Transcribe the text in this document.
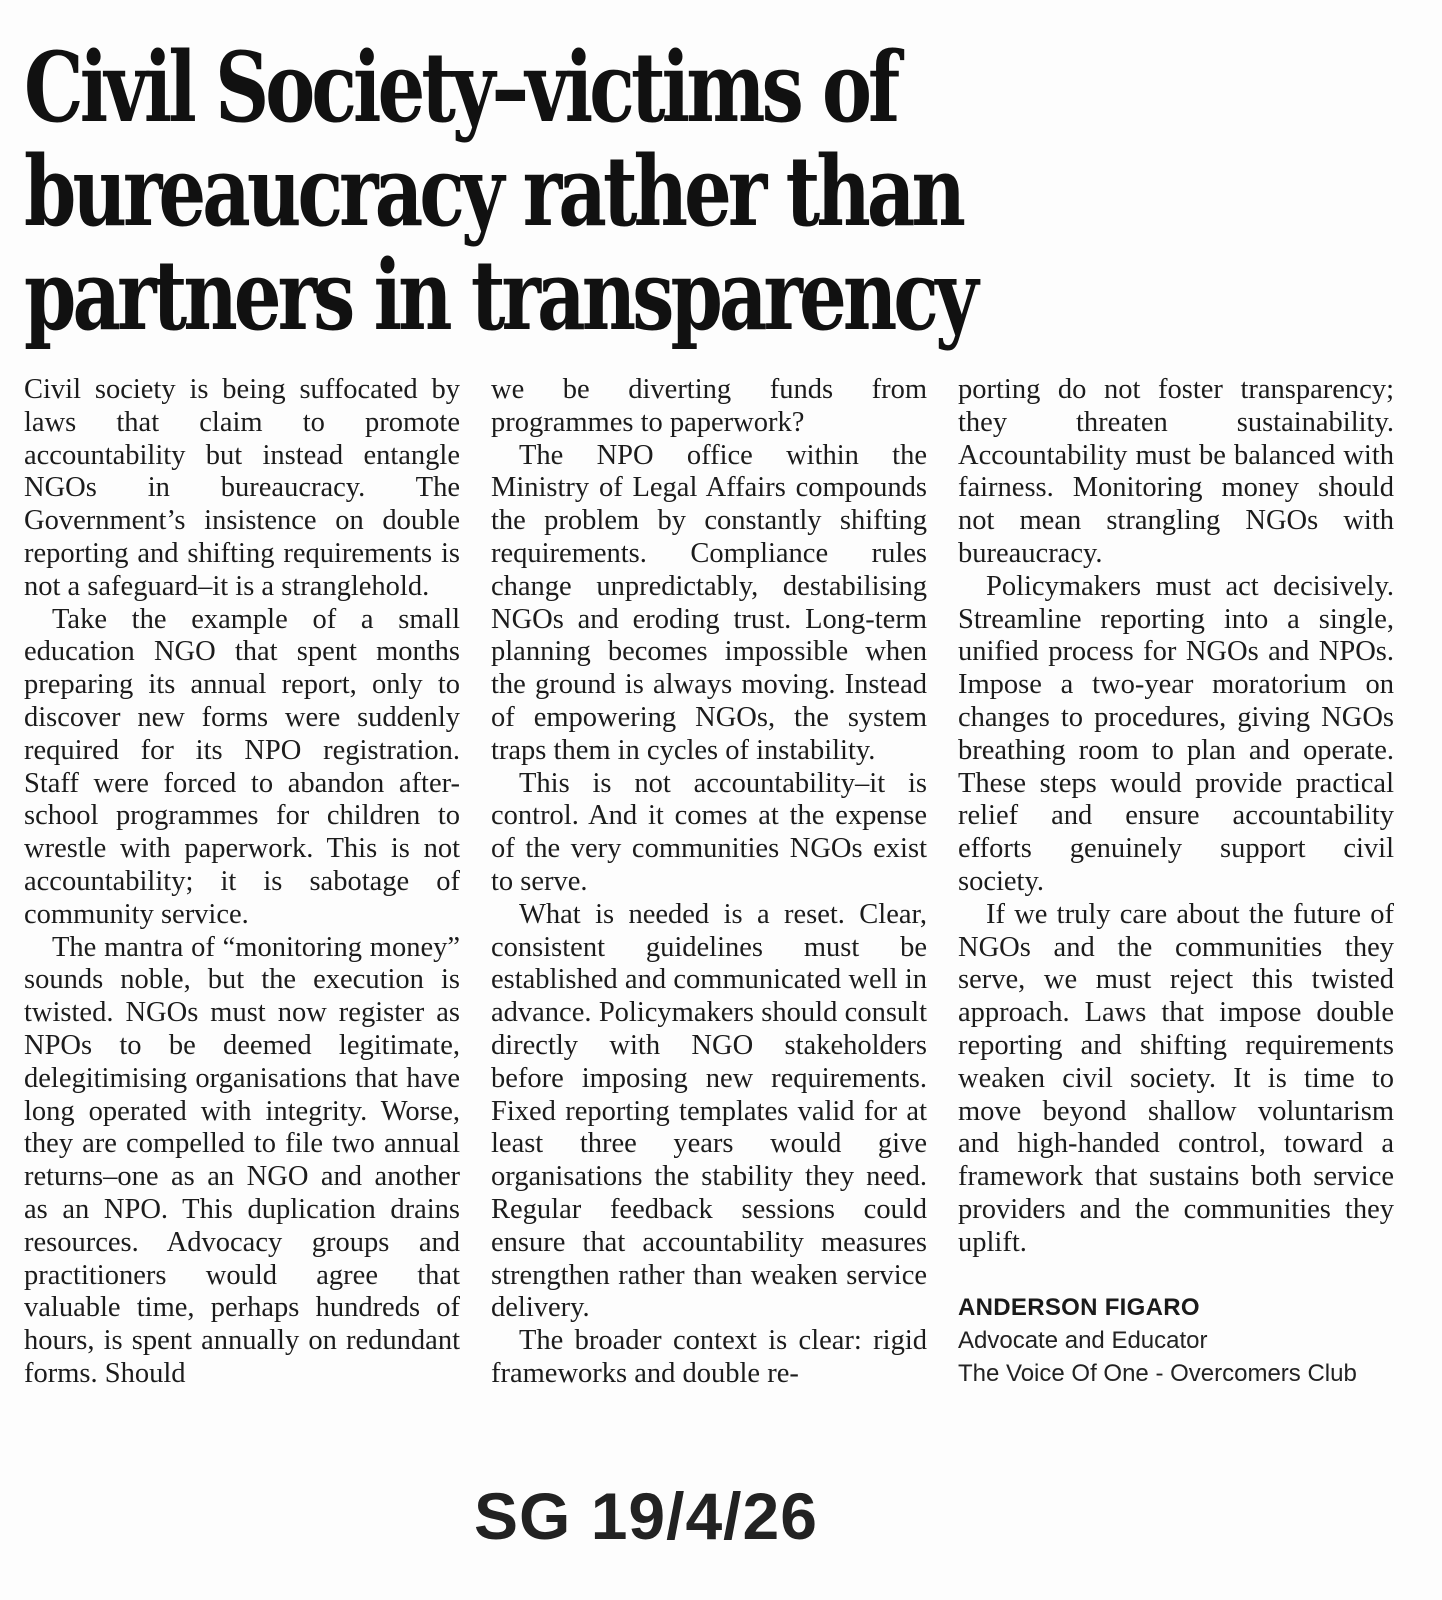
Civil Society–victims of
bureaucracy rather than
partners in transparency

Civil society is being suffocated by laws that claim to promote accountability but instead entangle NGOs in bureaucracy. The Government’s insistence on double reporting and shifting requirements is not a safeguard–it is a stranglehold.

Take the example of a small education NGO that spent months preparing its annual report, only to discover new forms were suddenly required for its NPO registration. Staff were forced to abandon after-school programmes for children to wrestle with paperwork. This is not accountability; it is sabotage of community service.

The mantra of “monitoring money” sounds noble, but the execution is twisted. NGOs must now register as NPOs to be deemed legitimate, delegitimising organisations that have long operated with integrity. Worse, they are compelled to file two annual returns–one as an NGO and another as an NPO. This duplication drains resources. Advocacy groups and practitioners would agree that valuable time, perhaps hundreds of hours, is spent annually on redundant forms. Should

we be diverting funds from programmes to paperwork?

The NPO office within the Ministry of Legal Affairs compounds the problem by constantly shifting requirements. Compliance rules change unpredictably, destabilising NGOs and eroding trust. Long-term planning becomes impossible when the ground is always moving. Instead of empowering NGOs, the system traps them in cycles of instability.

This is not accountability–it is control. And it comes at the expense of the very communities NGOs exist to serve.

What is needed is a reset. Clear, consistent guidelines must be established and communicated well in advance. Policymakers should consult directly with NGO stakeholders before imposing new requirements. Fixed reporting templates valid for at least three years would give organisations the stability they need. Regular feedback sessions could ensure that accountability measures strengthen rather than weaken service delivery.

The broader context is clear: rigid frameworks and double re-

porting do not foster transparency; they threaten sustainability. Accountability must be balanced with fairness. Monitoring money should not mean strangling NGOs with bureaucracy.

Policymakers must act decisively. Streamline reporting into a single, unified process for NGOs and NPOs. Impose a two-year moratorium on changes to procedures, giving NGOs breathing room to plan and operate. These steps would provide practical relief and ensure accountability efforts genuinely support civil society.

If we truly care about the future of NGOs and the communities they serve, we must reject this twisted approach. Laws that impose double reporting and shifting requirements weaken civil society. It is time to move beyond shallow voluntarism and high-handed control, toward a framework that sustains both service providers and the communities they uplift.

ANDERSON FIGARO
Advocate and Educator
The Voice Of One - Overcomers Club
SG 19/4/26
